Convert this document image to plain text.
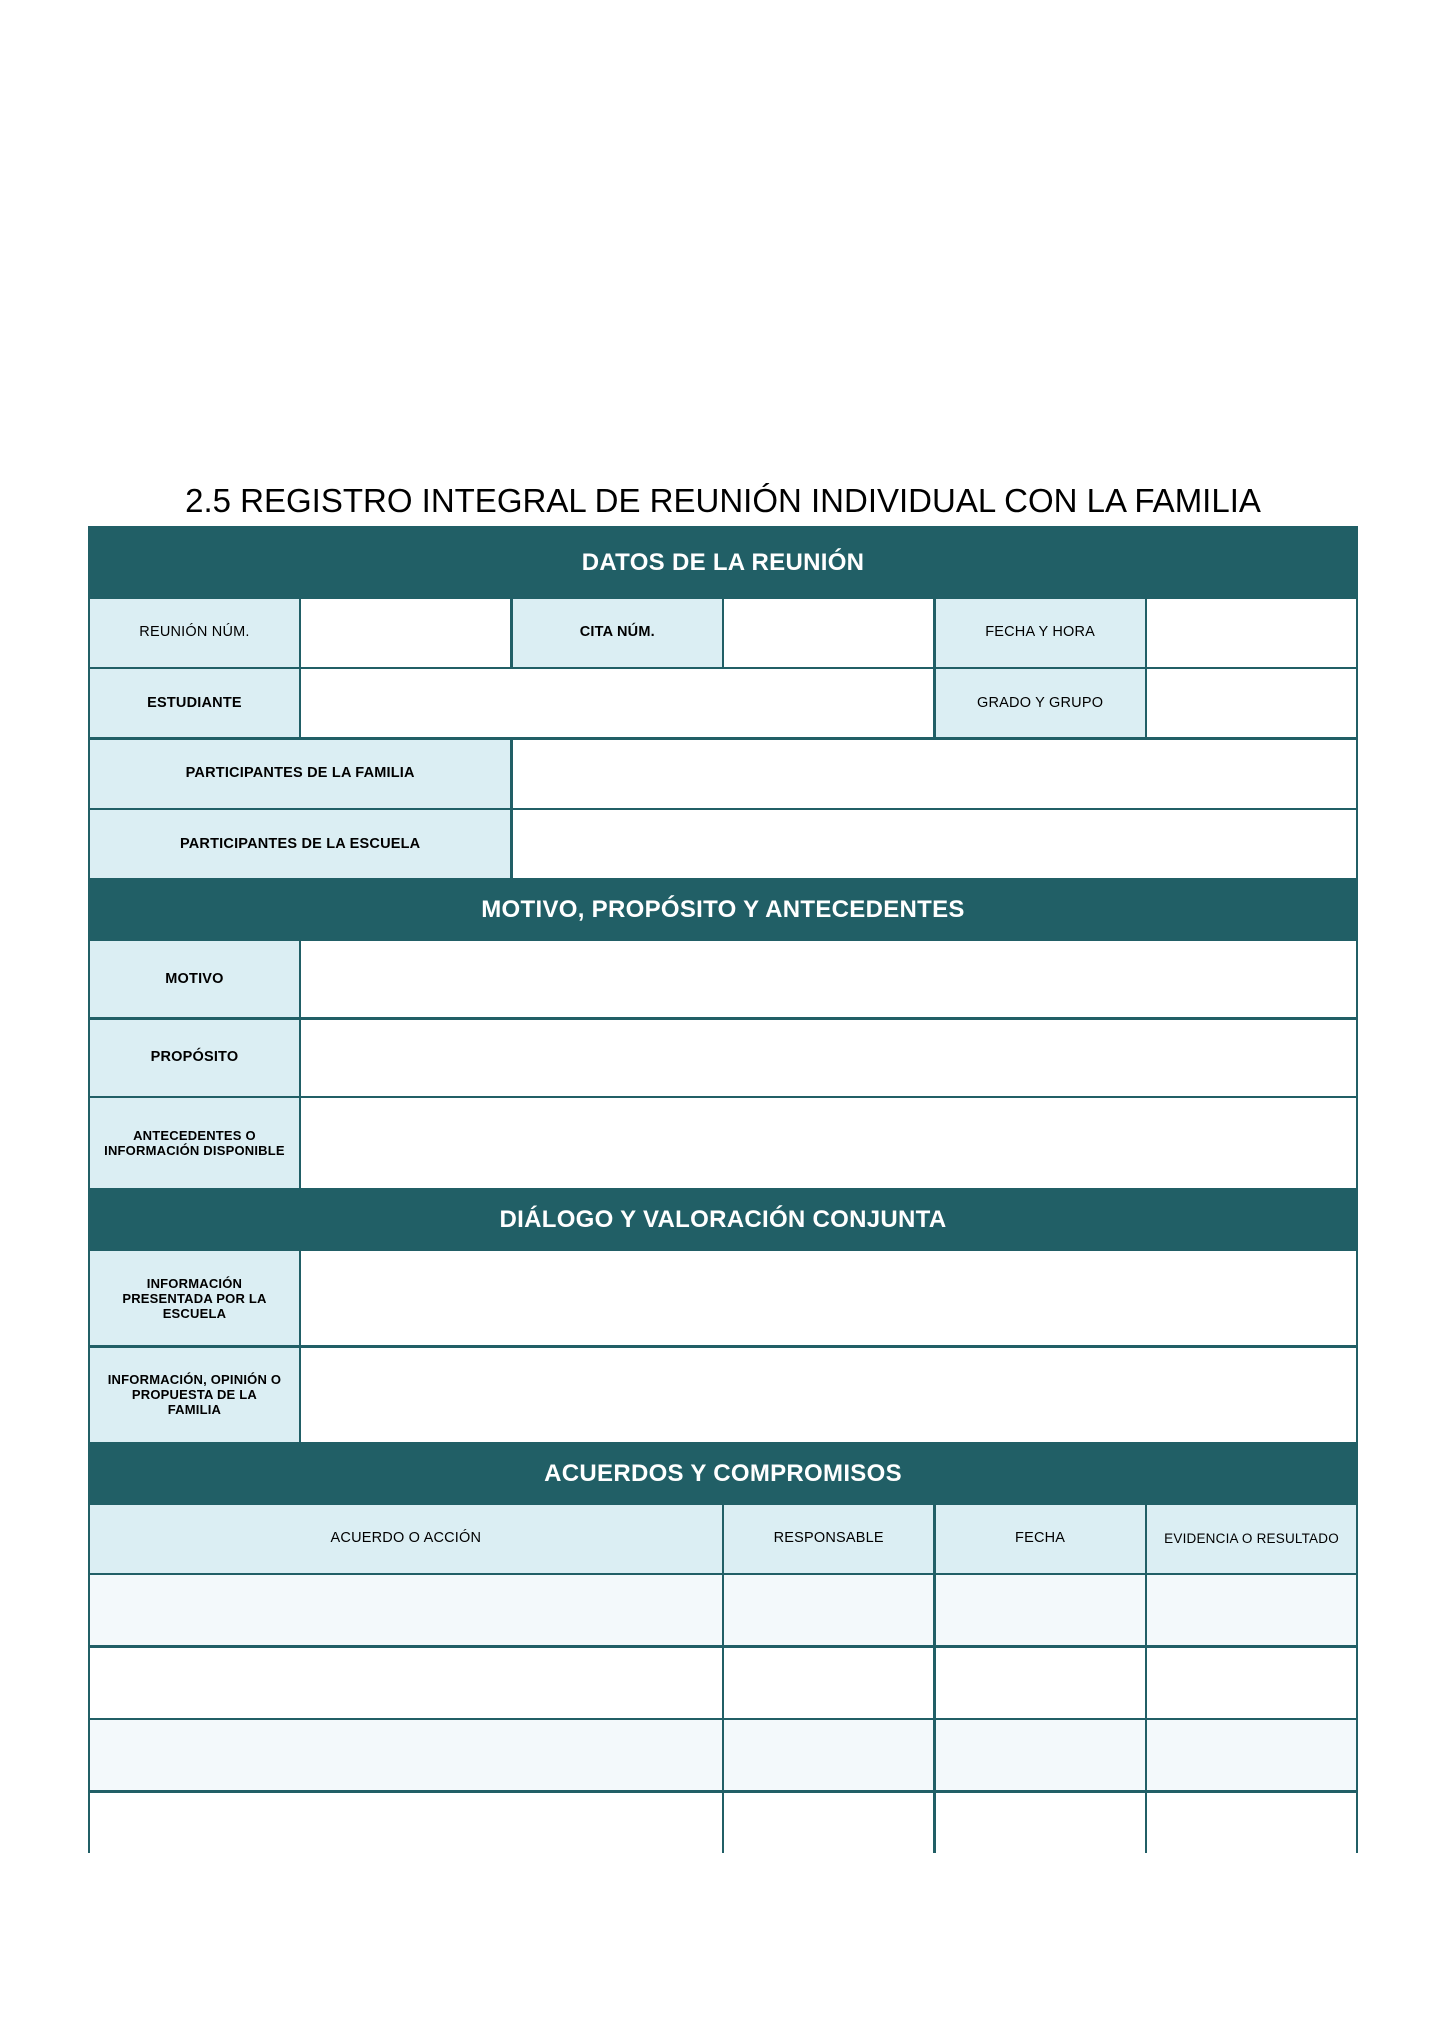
2.5 REGISTRO INTEGRAL DE REUNIÓN INDIVIDUAL CON LA FAMILIA
DATOS DE LA REUNIÓN
REUNIÓN NÚM.	CITA NÚM.	FECHA Y HORA
ESTUDIANTE	GRADO Y GRUPO
PARTICIPANTES DE LA FAMILIA
PARTICIPANTES DE LA ESCUELA
MOTIVO, PROPÓSITO Y ANTECEDENTES
MOTIVO
PROPÓSITO
ANTECEDENTES O INFORMACIÓN DISPONIBLE
DIÁLOGO Y VALORACIÓN CONJUNTA
INFORMACIÓN PRESENTADA POR LA ESCUELA
INFORMACIÓN, OPINIÓN O PROPUESTA DE LA FAMILIA
ACUERDOS Y COMPROMISOS
ACUERDO O ACCIÓN	RESPONSABLE	FECHA	EVIDENCIA O RESULTADO
